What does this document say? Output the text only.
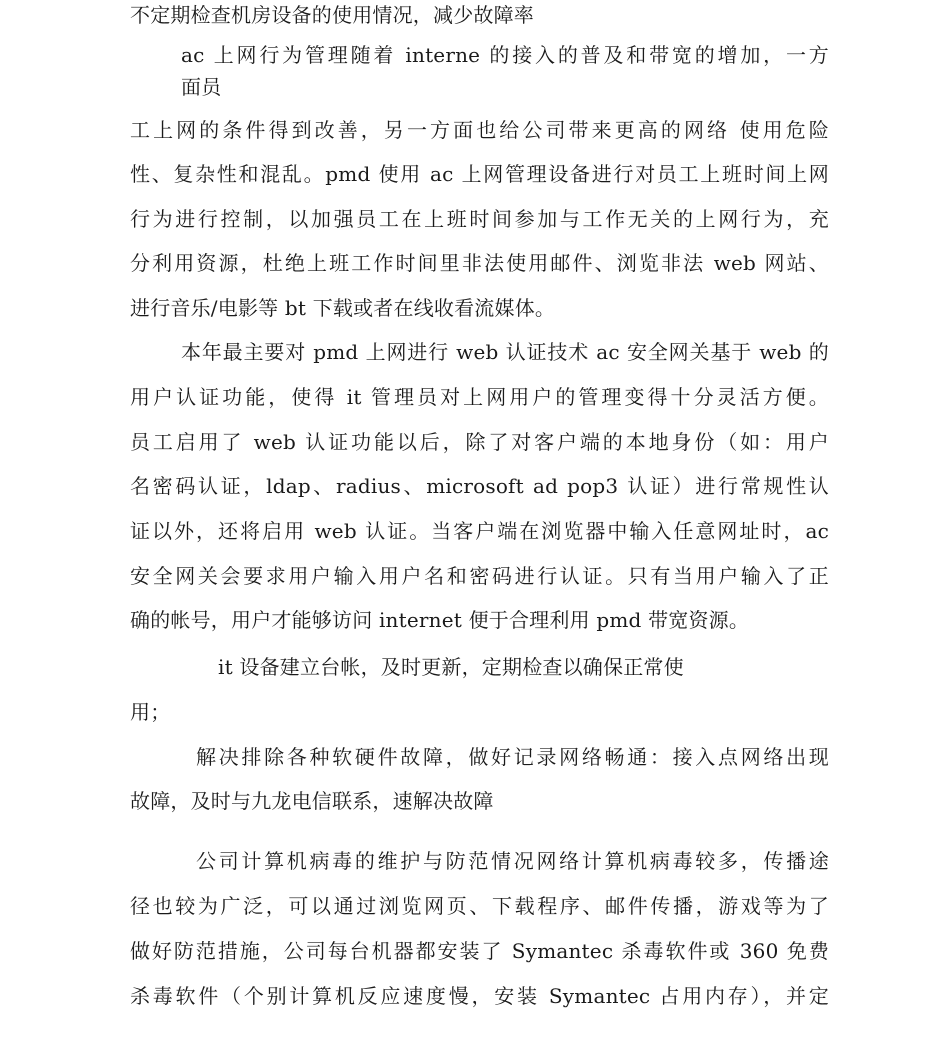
不定期检查机房设备的使用情况，减少故障率
ac 上网行为管理随着 interne 的接入的普及和带宽的增加，一方
面员
工上网的条件得到改善，另一方面也给公司带来更高的网络 使用危险
性、复杂性和混乱。pmd 使用 ac 上网管理设备进行对员工上班时间上网
行为进行控制，以加强员工在上班时间参加与工作无关的上网行为，充
分利用资源，杜绝上班工作时间里非法使用邮件、浏览非法 web 网站、
进行音乐/电影等 bt 下载或者在线收看流媒体。
本年最主要对 pmd 上网进行 web 认证技术 ac 安全网关基于 web 的
用户认证功能，使得 it 管理员对上网用户的管理变得十分灵活方便。
员工启用了 web 认证功能以后，除了对客户端的本地身份（如：用户
名密码认证，ldap、radius、microsoft ad pop3 认证）进行常规性认
证以外，还将启用 web 认证。当客户端在浏览器中输入任意网址时，ac
安全网关会要求用户输入用户名和密码进行认证。只有当用户输入了正
确的帐号，用户才能够访问 internet 便于合理利用 pmd 带宽资源。
it 设备建立台帐，及时更新，定期检查以确保正常使
用；
解决排除各种软硬件故障，做好记录网络畅通：接入点网络出现
故障，及时与九龙电信联系，速解决故障
公司计算机病毒的维护与防范情况网络计算机病毒较多，传播途
径也较为广泛，可以通过浏览网页、下载程序、邮件传播，游戏等为了
做好防范措施，公司每台机器都安装了 Symantec 杀毒软件或 360 免费
杀毒软件（个别计算机反应速度慢，安装 Symantec 占用内存），并定
